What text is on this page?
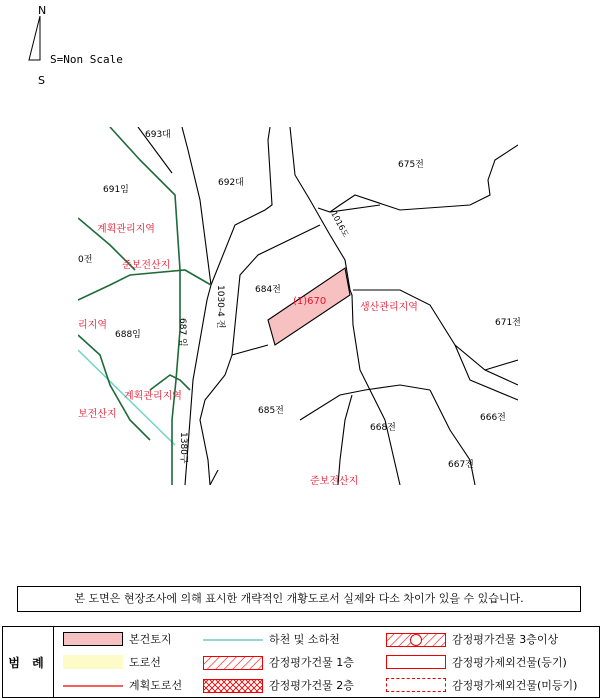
N
S
S=Non Scale
693대
691임
692대
675전
684전
0전
688임
671전
685전
668전
666전
667전
1030-4 전
687 임
1016도
1380구
(1)670
계획관리지역
준보전산지
생산관리지역
리지역
계획관리지역
보전산지
준보전산지
본 도면은 현장조사에 의해 표시한 개략적인 개황도로서 실제와 다소 차이가 있을 수 있습니다.
범 례
본건토지
도로선
계획도로선
하천 및 소하천
감정평가건물 1층
감정평가건물 2층
감정평가건물 3층이상
감정평가제외건물(등기)
감정평가제외건물(미등기)
